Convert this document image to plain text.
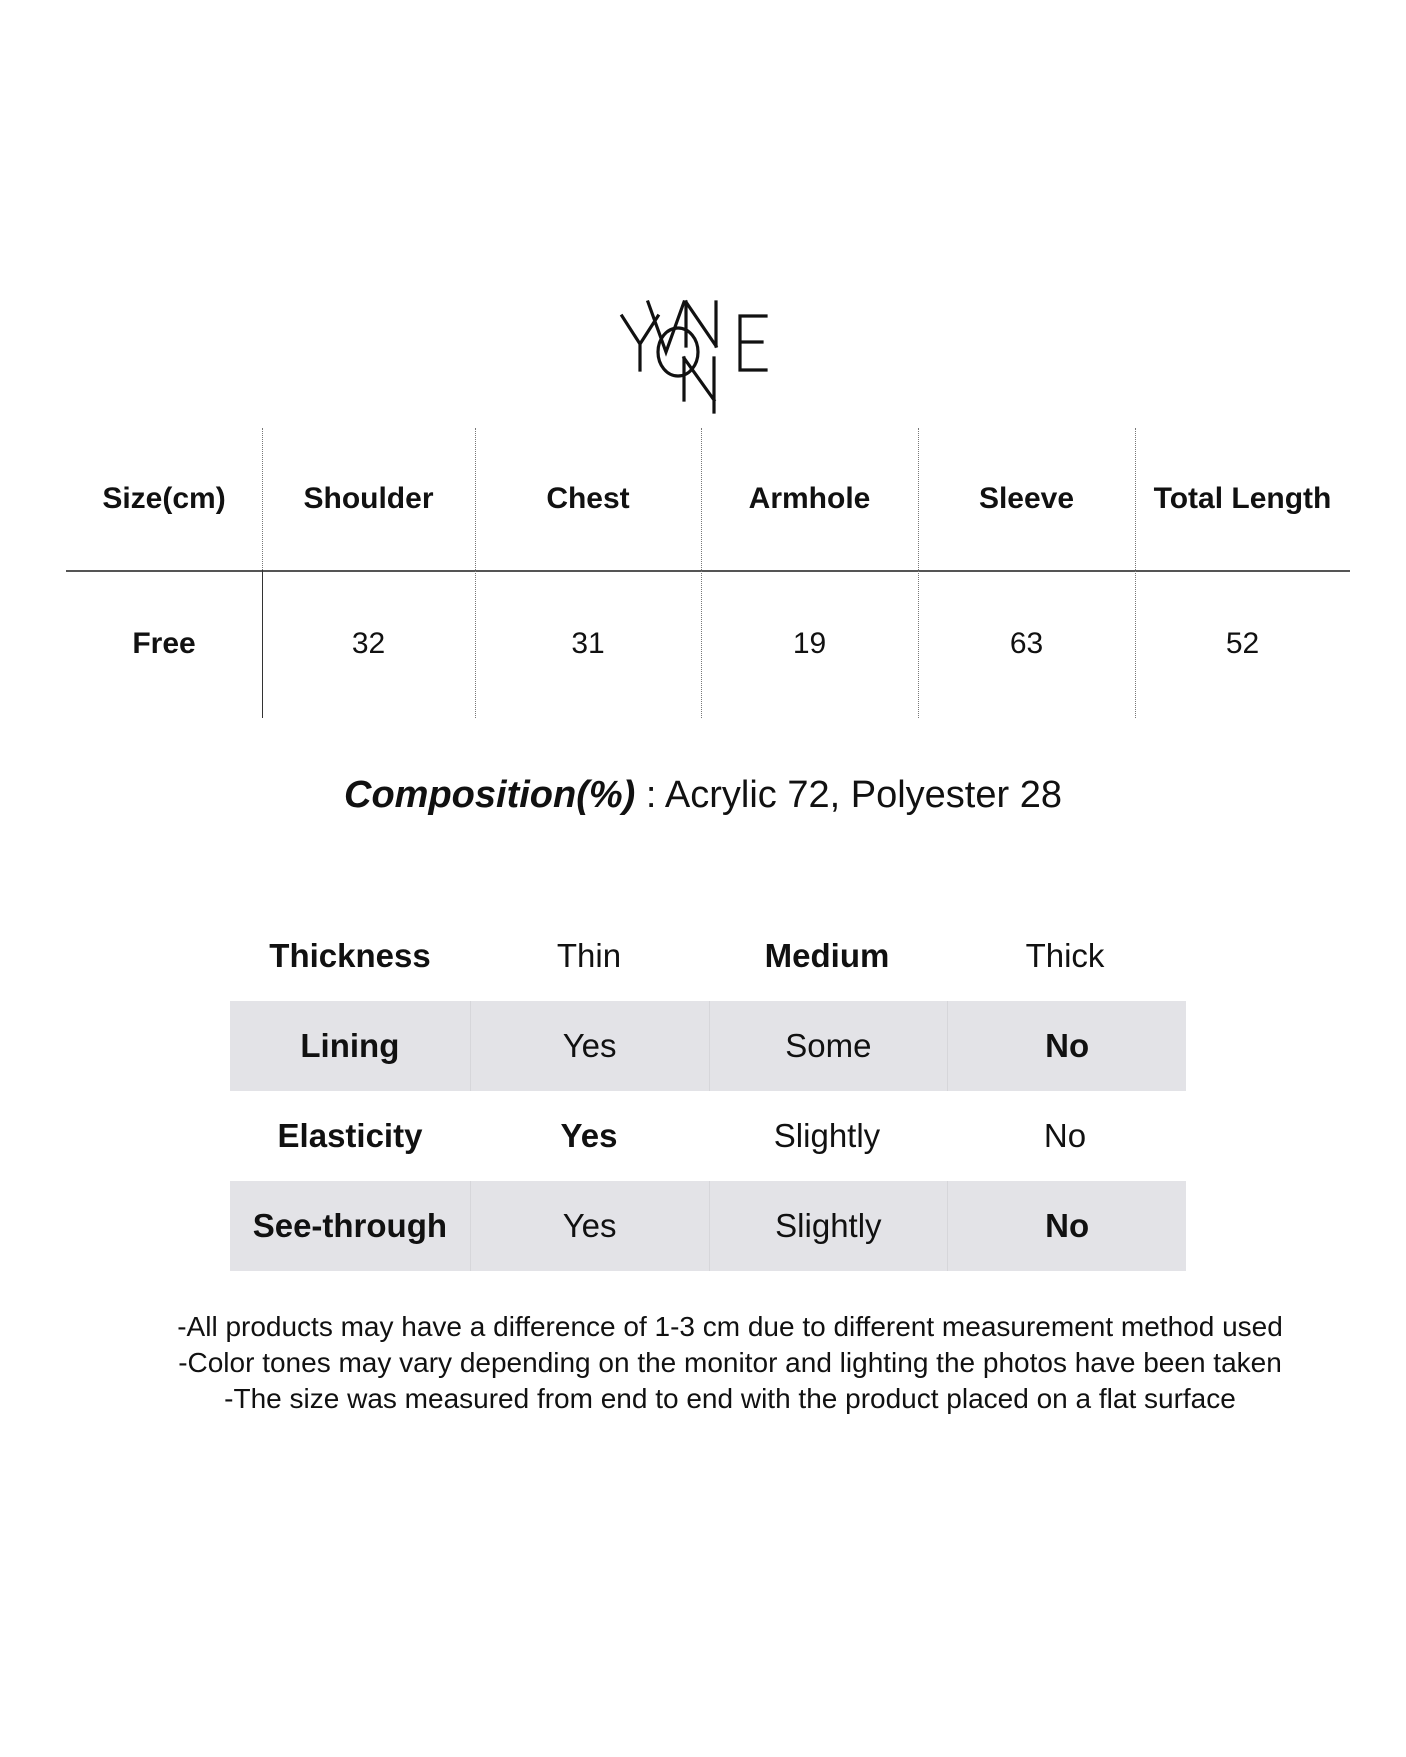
Size(cm)	Shoulder	Chest	Armhole	Sleeve	Total Length
Free	32	31	19	63	52
Composition(%) : Acrylic 72, Polyester 28
Thickness	Thin	Medium	Thick
Lining	Yes	Some	No
Elasticity	Yes	Slightly	No
See-through	Yes	Slightly	No
-All products may have a difference of 1-3 cm due to different measurement method used
-Color tones may vary depending on the monitor and lighting the photos have been taken
-The size was measured from end to end with the product placed on a flat surface
